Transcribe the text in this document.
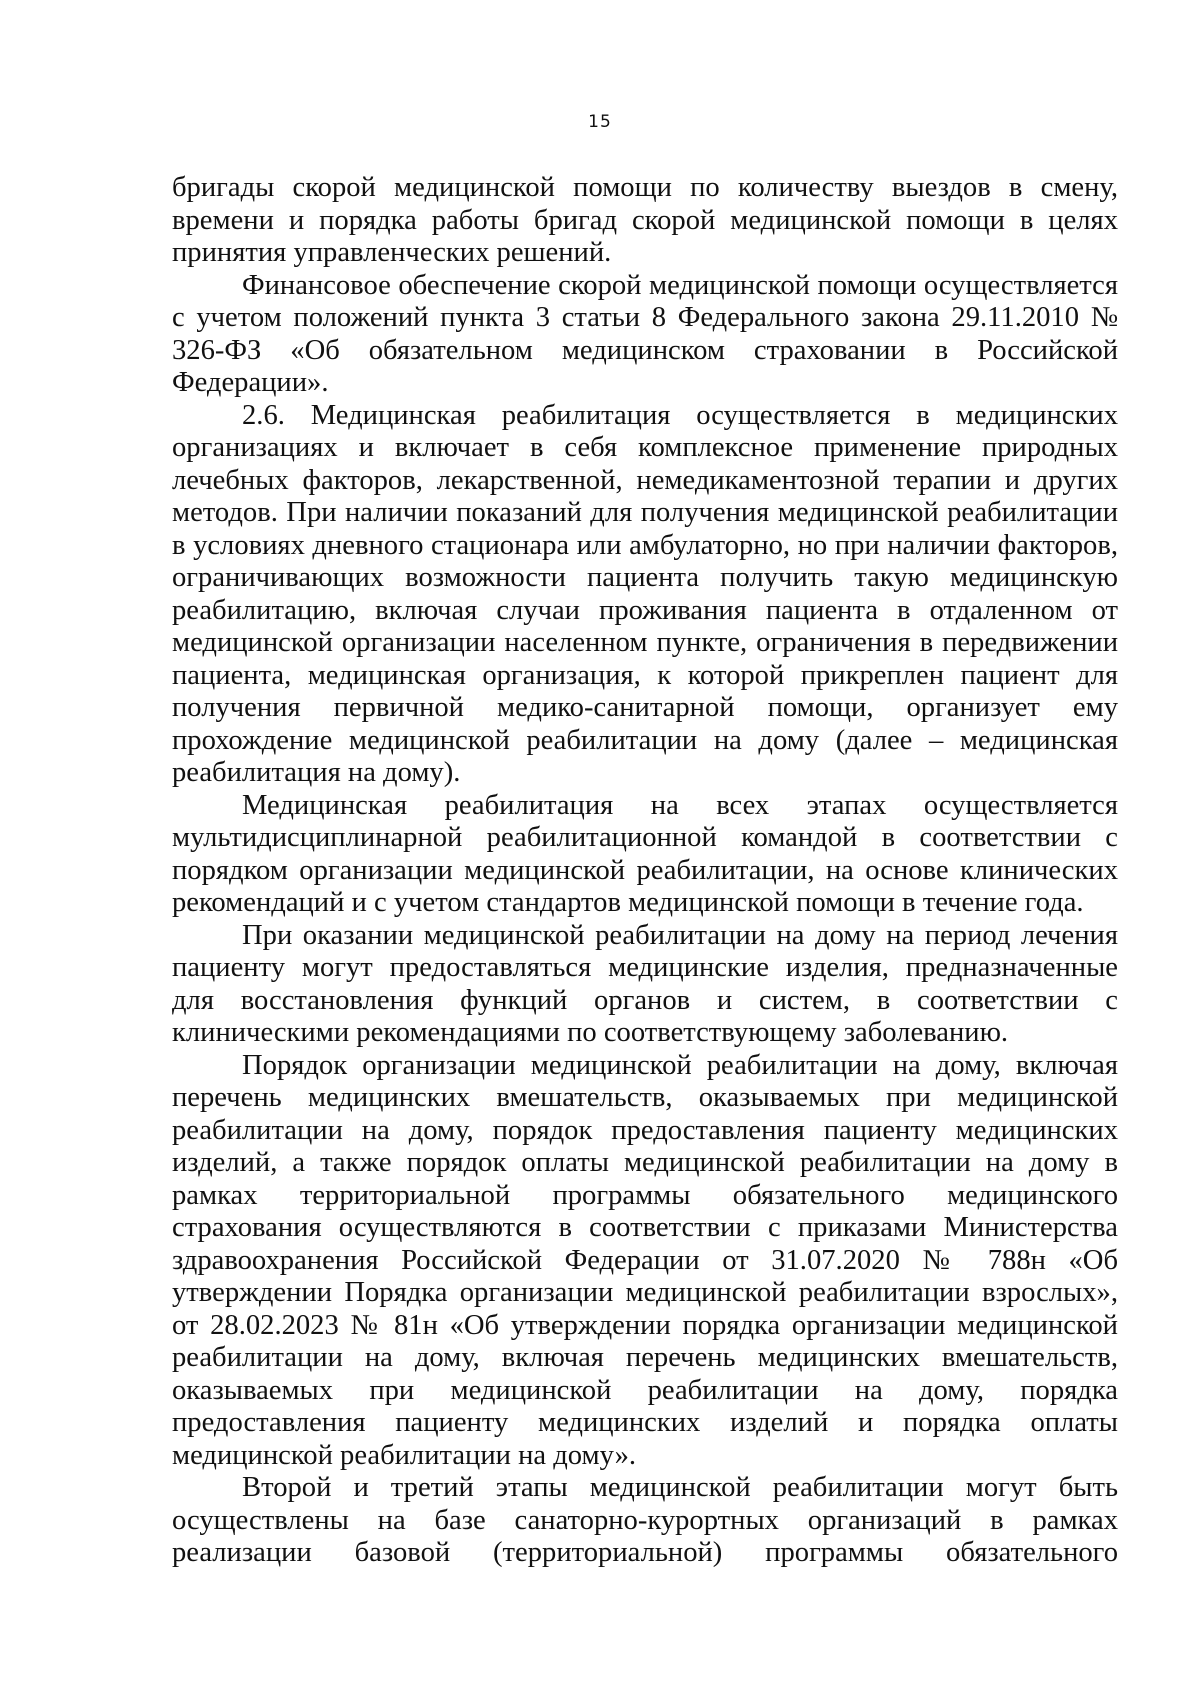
15

бригады скорой медицинской помощи по количеству выездов в смену, времени и порядка работы бригад скорой медицинской помощи в целях принятия управленческих решений.

Финансовое обеспечение скорой медицинской помощи осуществляется с учетом положений пункта 3 статьи 8 Федерального закона 29.11.2010 № 326-ФЗ «Об обязательном медицинском страховании в Российской Федерации».

2.6. Медицинская реабилитация осуществляется в медицинских организациях и включает в себя комплексное применение природных лечебных факторов, лекарственной, немедикаментозной терапии и других методов. При наличии показаний для получения медицинской реабилитации в условиях дневного стационара или амбулаторно, но при наличии факторов, ограничивающих возможности пациента получить такую медицинскую реабилитацию, включая случаи проживания пациента в отдаленном от медицинской организации населенном пункте, ограничения в передвижении пациента, медицинская организация, к которой прикреплен пациент для получения первичной медико-санитарной помощи, организует ему прохождение медицинской реабилитации на дому (далее – медицинская реабилитация на дому).

Медицинская реабилитация на всех этапах осуществляется мультидисциплинарной реабилитационной командой в соответствии с порядком организации медицинской реабилитации, на основе клинических рекомендаций и с учетом стандартов медицинской помощи в течение года.

При оказании медицинской реабилитации на дому на период лечения пациенту могут предоставляться медицинские изделия, предназначенные для восстановления функций органов и систем, в соответствии с клиническими рекомендациями по соответствующему заболеванию.

Порядок организации медицинской реабилитации на дому, включая перечень медицинских вмешательств, оказываемых при медицинской реабилитации на дому, порядок предоставления пациенту медицинских изделий, а также порядок оплаты медицинской реабилитации на дому в рамках территориальной программы обязательного медицинского страхования осуществляются в соответствии с приказами Министерства здравоохранения Российской Федерации от 31.07.2020 № 788н «Об утверждении Порядка организации медицинской реабилитации взрослых», от 28.02.2023 № 81н «Об утверждении порядка организации медицинской реабилитации на дому, включая перечень медицинских вмешательств, оказываемых при медицинской реабилитации на дому, порядка предоставления пациенту медицинских изделий и порядка оплаты медицинской реабилитации на дому».

Второй и третий этапы медицинской реабилитации могут быть осуществлены на базе санаторно-курортных организаций в рамках реализации базовой (территориальной) программы обязательного
